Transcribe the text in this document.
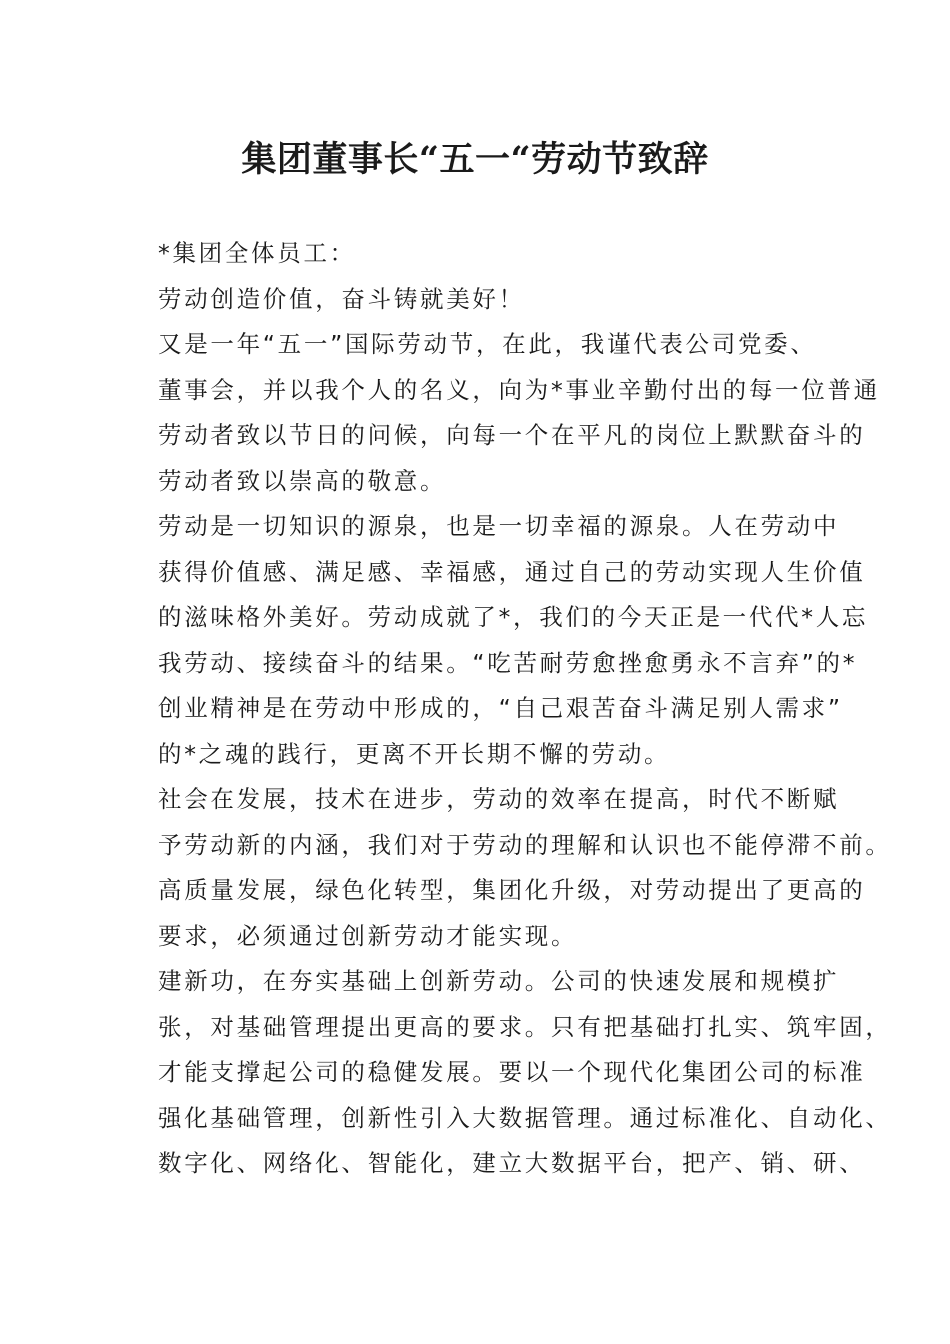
集团董事长“五一“劳动节致辞

*集团全体员工：

劳动创造价值，奋斗铸就美好！

又是一年“五一”国际劳动节，在此，我谨代表公司党委、
董事会，并以我个人的名义，向为*事业辛勤付出的每一位普通
劳动者致以节日的问候，向每一个在平凡的岗位上默默奋斗的
劳动者致以崇高的敬意。

劳动是一切知识的源泉，也是一切幸福的源泉。人在劳动中
获得价值感、满足感、幸福感，通过自己的劳动实现人生价值
的滋味格外美好。劳动成就了*，我们的今天正是一代代*人忘
我劳动、接续奋斗的结果。“吃苦耐劳愈挫愈勇永不言弃”的*
创业精神是在劳动中形成的，“自己艰苦奋斗满足别人需求”
的*之魂的践行，更离不开长期不懈的劳动。

社会在发展，技术在进步，劳动的效率在提高，时代不断赋
予劳动新的内涵，我们对于劳动的理解和认识也不能停滞不前。
高质量发展，绿色化转型，集团化升级，对劳动提出了更高的
要求，必须通过创新劳动才能实现。

建新功，在夯实基础上创新劳动。公司的快速发展和规模扩
张，对基础管理提出更高的要求。只有把基础打扎实、筑牢固，
才能支撑起公司的稳健发展。要以一个现代化集团公司的标准
强化基础管理，创新性引入大数据管理。通过标准化、自动化、
数字化、网络化、智能化，建立大数据平台，把产、销、研、
